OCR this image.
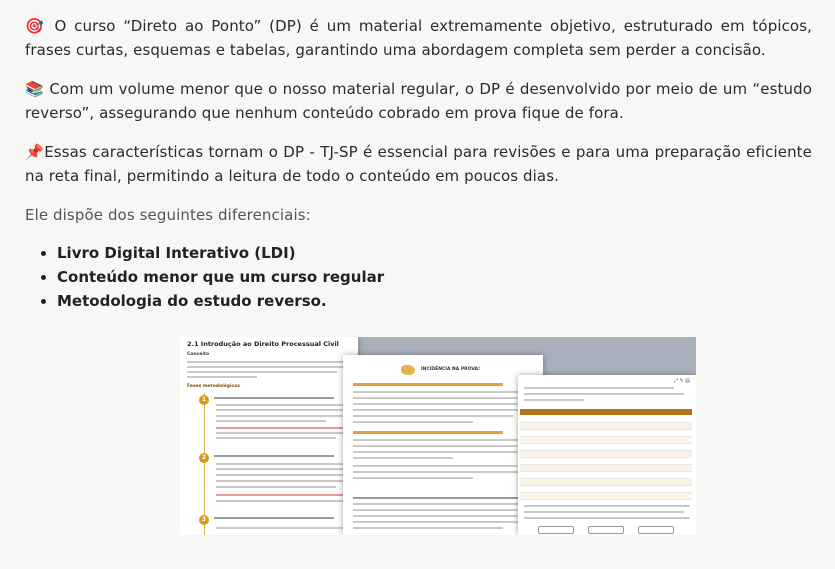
🎯 O curso “Direto ao Ponto” (DP) é um material extremamente objetivo, estruturado em tópicos, frases curtas, esquemas e tabelas, garantindo uma abordagem completa sem perder a concisão.

📚 Com um volume menor que o nosso material regular, o DP é desenvolvido por meio de um “estudo reverso”, assegurando que nenhum conteúdo cobrado em prova fique de fora.

📌Essas características tornam o DP - TJ-SP é essencial para revisões e para uma preparação eficiente na reta final, permitindo a leitura de todo o conteúdo em poucos dias.

Ele dispõe dos seguintes diferenciais:

• Livro Digital Interativo (LDI)
• Conteúdo menor que um curso regular
• Metodologia do estudo reverso.
2.1 Introdução ao Direito Processual Civil
Conceito
Fases metodológicas
1
2
3
INCIDÊNCIA NA PROVA!
⤢ ✎ ▤
